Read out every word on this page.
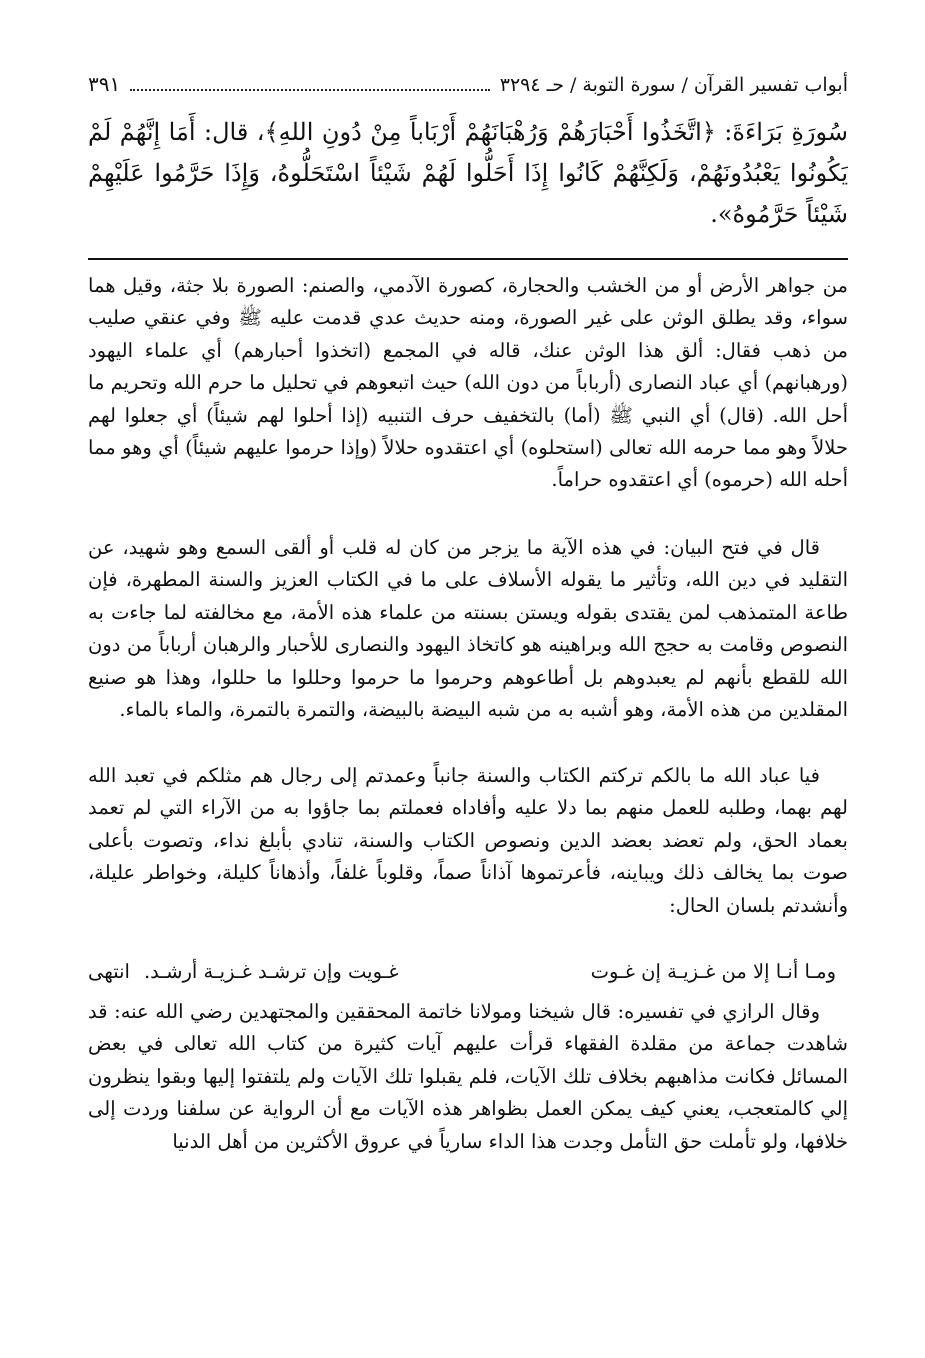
أبواب تفسير القرآن / سورة التوبة / حـ ٣٢٩٤
٣٩١
سُورَةِ بَرَاءَةَ: ﴿اتَّخَذُوا أَحْبَارَهُمْ وَرُهْبَانَهُمْ أَرْبَاباً مِنْ دُونِ اللهِ﴾، قال: أَمَا إِنَّهُمْ لَمْ يَكُونُوا يَعْبُدُونَهُمْ، وَلَكِنَّهُمْ كَانُوا إِذَا أَحَلُّوا لَهُمْ شَيْئاً اسْتَحَلُّوهُ، وَإِذَا حَرَّمُوا عَلَيْهِمْ شَيْئاً حَرَّمُوهُ».

من جواهر الأرض أو من الخشب والحجارة، كصورة الآدمي، والصنم: الصورة بلا جثة، وقيل هما سواء، وقد يطلق الوثن على غير الصورة، ومنه حديث عدي قدمت عليه ﷺ وفي عنقي صليب من ذهب فقال: ألق هذا الوثن عنك، قاله في المجمع (اتخذوا أحبارهم) أي علماء اليهود (ورهبانهم) أي عباد النصارى (أرباباً من دون الله) حيث اتبعوهم في تحليل ما حرم الله وتحريم ما أحل الله. (قال) أي النبي ﷺ (أما) بالتخفيف حرف التنبيه (إذا أحلوا لهم شيئاً) أي جعلوا لهم حلالاً وهو مما حرمه الله تعالى (استحلوه) أي اعتقدوه حلالاً (وإذا حرموا عليهم شيئاً) أي وهو مما أحله الله (حرموه) أي اعتقدوه حراماً.

قال في فتح البيان: في هذه الآية ما يزجر من كان له قلب أو ألقى السمع وهو شهيد، عن التقليد في دين الله، وتأثير ما يقوله الأسلاف على ما في الكتاب العزيز والسنة المطهرة، فإن طاعة المتمذهب لمن يقتدى بقوله ويستن بسنته من علماء هذه الأمة، مع مخالفته لما جاءت به النصوص وقامت به حجج الله وبراهينه هو كاتخاذ اليهود والنصارى للأحبار والرهبان أرباباً من دون الله للقطع بأنهم لم يعبدوهم بل أطاعوهم وحرموا ما حرموا وحللوا ما حللوا، وهذا هو صنيع المقلدين من هذه الأمة، وهو أشبه به من شبه البيضة بالبيضة، والتمرة بالتمرة، والماء بالماء.

فيا عباد الله ما بالكم تركتم الكتاب والسنة جانباً وعمدتم إلى رجال هم مثلكم في تعبد الله لهم بهما، وطلبه للعمل منهم بما دلا عليه وأفاداه فعملتم بما جاؤوا به من الآراء التي لم تعمد بعماد الحق، ولم تعضد بعضد الدين ونصوص الكتاب والسنة، تنادي بأبلغ نداء، وتصوت بأعلى صوت بما يخالف ذلك ويباينه، فأعرتموها آذاناً صماً، وقلوباً غلفاً، وأذهاناً كليلة، وخواطر عليلة، وأنشدتم بلسان الحال:

ومـا أنـا إلا من غـزيـة إن غـوت
غـويت وإن ترشـد غـزيـة أرشـد.
انتهى

وقال الرازي في تفسيره: قال شيخنا ومولانا خاتمة المحققين والمجتهدين رضي الله عنه: قد شاهدت جماعة من مقلدة الفقهاء قرأت عليهم آيات كثيرة من كتاب الله تعالى في بعض المسائل فكانت مذاهبهم بخلاف تلك الآيات، فلم يقبلوا تلك الآيات ولم يلتفتوا إليها وبقوا ينظرون إلي كالمتعجب، يعني كيف يمكن العمل بظواهر هذه الآيات مع أن الرواية عن سلفنا وردت إلى خلافها، ولو تأملت حق التأمل وجدت هذا الداء سارياً في عروق الأكثرين من أهل الدنيا
